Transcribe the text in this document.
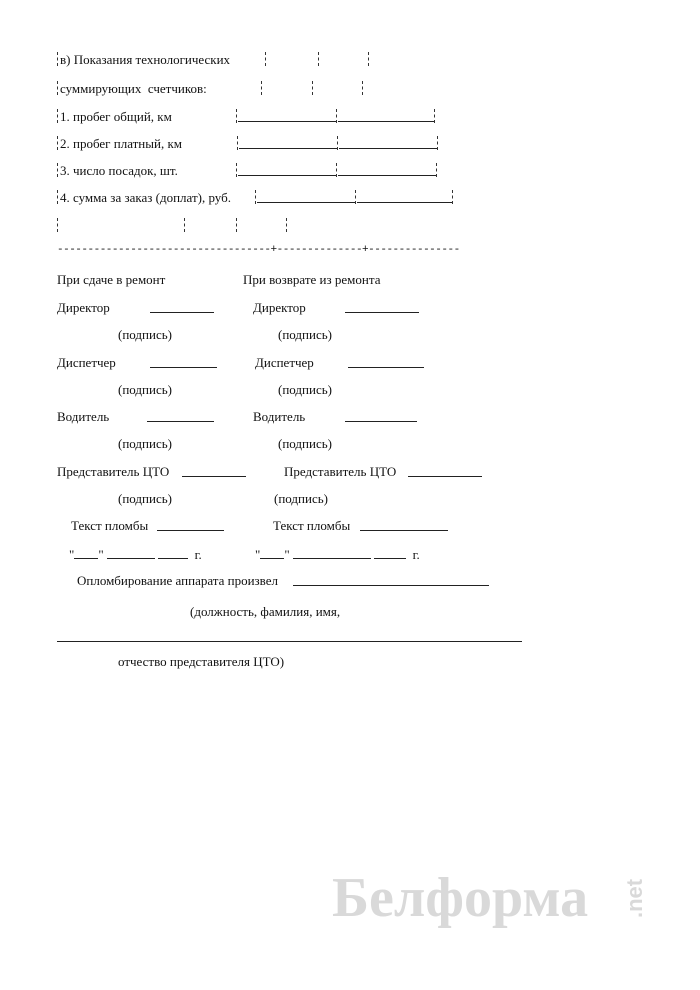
в) Показания технологических
суммирующих  счетчиков:
1. пробег общий, км
2. пробег платный, км
3. число посадок, шт.
4. сумма за заказ (доплат), руб.
-----------------------------------+--------------+---------------
При сдаче в ремонт	При возврате из ремонта
Директор	Директор
(подпись)	(подпись)
Диспетчер	Диспетчер
(подпись)	(подпись)
Водитель	Водитель
(подпись)	(подпись)
Представитель ЦТО	Представитель ЦТО
(подпись)	(подпись)
Текст пломбы	Текст пломбы
" "	г.	" "	г.
Опломбирование аппарата произвел
(должность, фамилия, имя,
отчество представителя ЦТО)
Белформа .net
